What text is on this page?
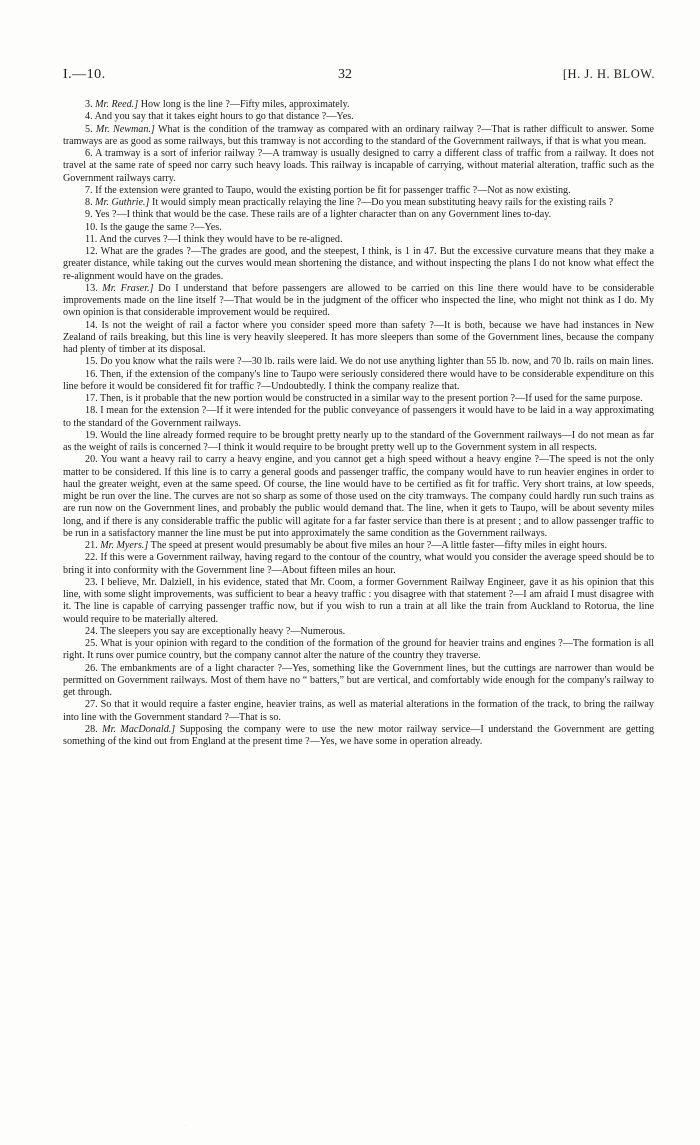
I.—10.	32	[H. J. H. BLOW.

3. Mr. Reed.] How long is the line ?—Fifty miles, approximately.

4. And you say that it takes eight hours to go that distance ?—Yes.

5. Mr. Newman.] What is the condition of the tramway as compared with an ordinary railway ?—That is rather difficult to answer. Some tramways are as good as some railways, but this tramway is not according to the standard of the Government railways, if that is what you mean.

6. A tramway is a sort of inferior railway ?—A tramway is usually designed to carry a different class of traffic from a railway. It does not travel at the same rate of speed nor carry such heavy loads. This railway is incapable of carrying, without material alteration, traffic such as the Government railways carry.

7. If the extension were granted to Taupo, would the existing portion be fit for passenger traffic ?—Not as now existing.

8. Mr. Guthrie.] It would simply mean practically relaying the line ?—Do you mean substituting heavy rails for the existing rails ?

9. Yes ?—I think that would be the case. These rails are of a lighter character than on any Government lines to-day.

10. Is the gauge the same ?—Yes.

11. And the curves ?—I think they would have to be re-aligned.

12. What are the grades ?—The grades are good, and the steepest, I think, is 1 in 47. But the excessive curvature means that they make a greater distance, while taking out the curves would mean shortening the distance, and without inspecting the plans I do not know what effect the re-alignment would have on the grades.

13. Mr. Fraser.] Do I understand that before passengers are allowed to be carried on this line there would have to be considerable improvements made on the line itself ?—That would be in the judgment of the officer who inspected the line, who might not think as I do. My own opinion is that considerable improvement would be required.

14. Is not the weight of rail a factor where you consider speed more than safety ?—It is both, because we have had instances in New Zealand of rails breaking, but this line is very heavily sleepered. It has more sleepers than some of the Government lines, because the company had plenty of timber at its disposal.

15. Do you know what the rails were ?—30 lb. rails were laid. We do not use anything lighter than 55 lb. now, and 70 lb. rails on main lines.

16. Then, if the extension of the company's line to Taupo were seriously considered there would have to be considerable expenditure on this line before it would be considered fit for traffic ?—Undoubtedly. I think the company realize that.

17. Then, is it probable that the new portion would be constructed in a similar way to the present portion ?—If used for the same purpose.

18. I mean for the extension ?—If it were intended for the public conveyance of passengers it would have to be laid in a way approximating to the standard of the Government railways.

19. Would the line already formed require to be brought pretty nearly up to the standard of the Government railways—I do not mean as far as the weight of rails is concerned ?—I think it would require to be brought pretty well up to the Government system in all respects.

20. You want a heavy rail to carry a heavy engine, and you cannot get a high speed without a heavy engine ?—The speed is not the only matter to be considered. If this line is to carry a general goods and passenger traffic, the company would have to run heavier engines in order to haul the greater weight, even at the same speed. Of course, the line would have to be certified as fit for traffic. Very short trains, at low speeds, might be run over the line. The curves are not so sharp as some of those used on the city tramways. The company could hardly run such trains as are run now on the Government lines, and probably the public would demand that. The line, when it gets to Taupo, will be about seventy miles long, and if there is any considerable traffic the public will agitate for a far faster service than there is at present ; and to allow passenger traffic to be run in a satisfactory manner the line must be put into approximately the same condition as the Government railways.

21. Mr. Myers.] The speed at present would presumably be about five miles an hour ?—A little faster—fifty miles in eight hours.

22. If this were a Government railway, having regard to the contour of the country, what would you consider the average speed should be to bring it into conformity with the Government line ?—About fifteen miles an hour.

23. I believe, Mr. Dalziell, in his evidence, stated that Mr. Coom, a former Government Railway Engineer, gave it as his opinion that this line, with some slight improvements, was sufficient to bear a heavy traffic : you disagree with that statement ?—I am afraid I must disagree with it. The line is capable of carrying passenger traffic now, but if you wish to run a train at all like the train from Auckland to Rotorua, the line would require to be materially altered.

24. The sleepers you say are exceptionally heavy ?—Numerous.

25. What is your opinion with regard to the condition of the formation of the ground for heavier trains and engines ?—The formation is all right. It runs over pumice country, but the company cannot alter the nature of the country they traverse.

26. The embankments are of a light character ?—Yes, something like the Government lines, but the cuttings are narrower than would be permitted on Government railways. Most of them have no “ batters,” but are vertical, and comfortably wide enough for the company's railway to get through.

27. So that it would require a faster engine, heavier trains, as well as material alterations in the formation of the track, to bring the railway into line with the Government standard ?—That is so.

28. Mr. MacDonald.] Supposing the company were to use the new motor railway service—I understand the Government are getting something of the kind out from England at the present time ?—Yes, we have some in operation already.

˙
